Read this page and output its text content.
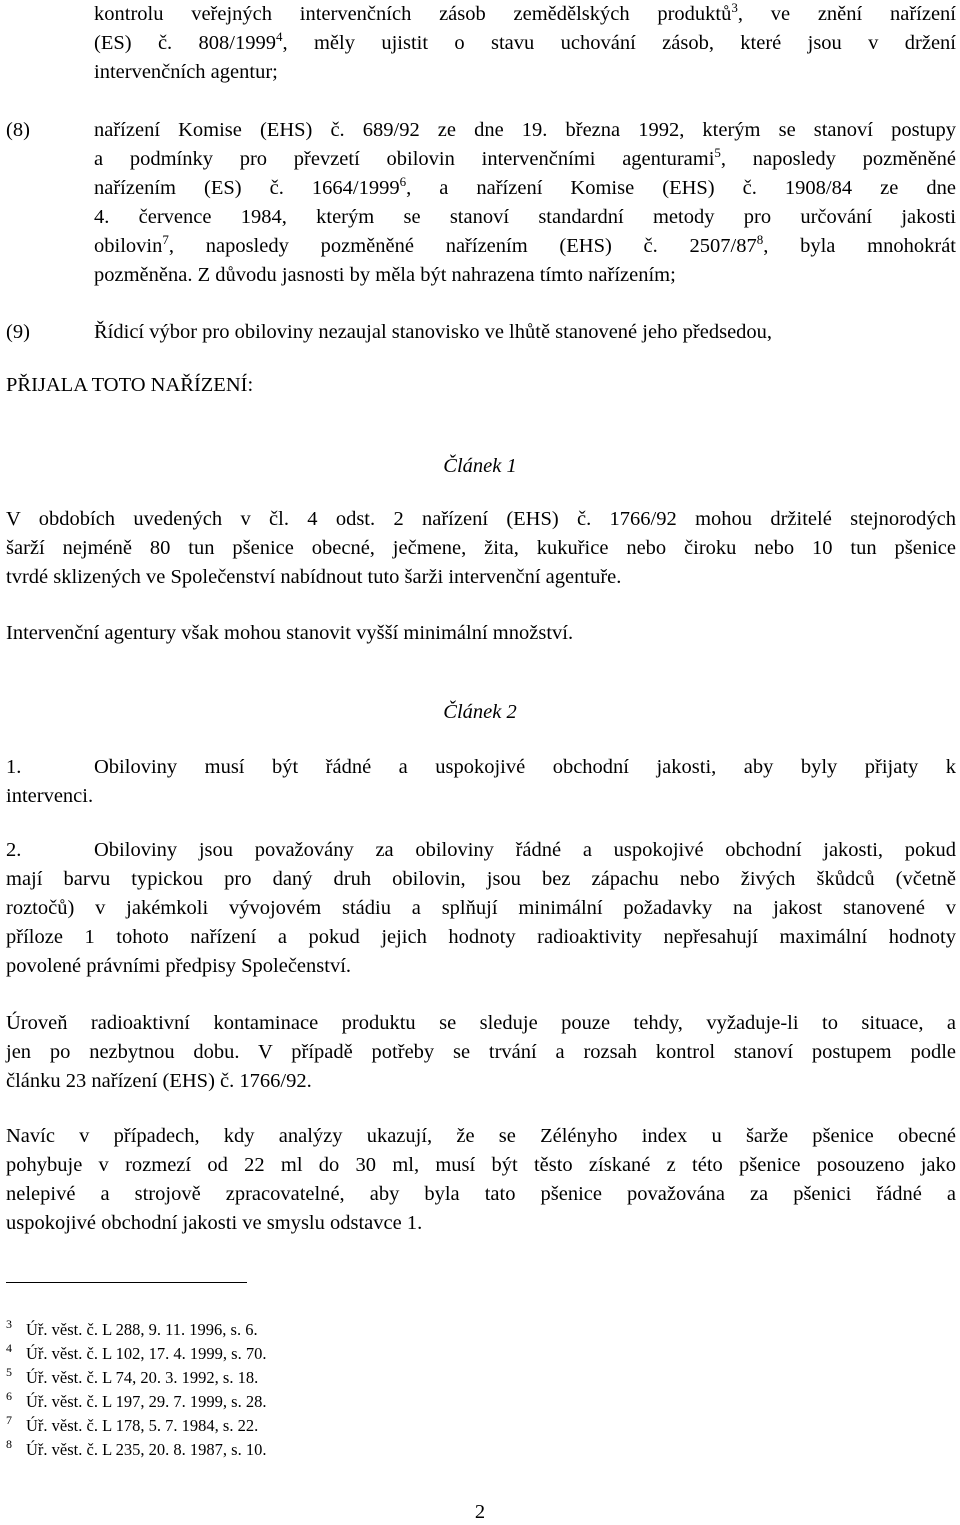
kontrolu veřejných intervenčních zásob zemědělských produktů$^3$, ve znění nařízení
(ES) č. 808/1999$^4$, měly ujistit o stavu uchování zásob, které jsou v držení
intervenčních agentur;
(8)	nařízení Komise (EHS) č. 689/92 ze dne 19. března 1992, kterým se stanoví postupy
a podmínky pro převzetí obilovin intervenčními agenturami$^5$, naposledy pozměněné
nařízením (ES) č. 1664/1999$^6$, a nařízení Komise (EHS) č. 1908/84 ze dne
4. července 1984, kterým se stanoví standardní metody pro určování jakosti
obilovin$^7$, naposledy pozměněné nařízením (EHS) č. $2507/87^8$, byla mnohokrát
pozměněna. Z důvodu jasnosti by měla být nahrazena tímto nařízením;
(9)	Řídicí výbor pro obiloviny nezaujal stanovisko ve lhůtě stanovené jeho předsedou,
PŘIJALA TOTO NAŘÍZENÍ:
Článek 1
V obdobích uvedených v čl. 4 odst. 2 nařízení (EHS) č. 1766/92 mohou držitelé stejnorodých
šarží nejméně 80 tun pšenice obecné, ječmene, žita, kukuřice nebo čiroku nebo 10 tun pšenice
tvrdé sklizených ve Společenství nabídnout tuto šarži intervenční agentuře.
Intervenční agentury však mohou stanovit vyšší minimální množství.
Článek 2
1.	Obiloviny musí být řádné a uspokojivé obchodní jakosti, aby byly přijaty k
intervenci.
2.	Obiloviny jsou považovány za obiloviny řádné a uspokojivé obchodní jakosti, pokud
mají barvu typickou pro daný druh obilovin, jsou bez zápachu nebo živých škůdců (včetně
roztočů) v jakémkoli vývojovém stádiu a splňují minimální požadavky na jakost stanovené v
příloze 1 tohoto nařízení a pokud jejich hodnoty radioaktivity nepřesahují maximální hodnoty
povolené právními předpisy Společenství.
Úroveň radioaktivní kontaminace produktu se sleduje pouze tehdy, vyžaduje-li to situace, a
jen po nezbytnou dobu. V případě potřeby se trvání a rozsah kontrol stanoví postupem podle
článku 23 nařízení (EHS) č. 1766/92.
Navíc v případech, kdy analýzy ukazují, že se Zélényho index u šarže pšenice obecné
pohybuje v rozmezí od 22 ml do 30 ml, musí být těsto získané z této pšenice posouzeno jako
nelepivé a strojově zpracovatelné, aby byla tato pšenice považována za pšenici řádné a
uspokojivé obchodní jakosti ve smyslu odstavce 1.
3 Úř. věst. č. L 288, 9. 11. 1996, s. 6.
4 Úř. věst. č. L 102, 17. 4. 1999, s. 70.
5 Úř. věst. č. L 74, 20. 3. 1992, s. 18.
6 Úř. věst. č. L 197, 29. 7. 1999, s. 28.
7 Úř. věst. č. L 178, 5. 7. 1984, s. 22.
8 Úř. věst. č. L 235, 20. 8. 1987, s. 10.
2
